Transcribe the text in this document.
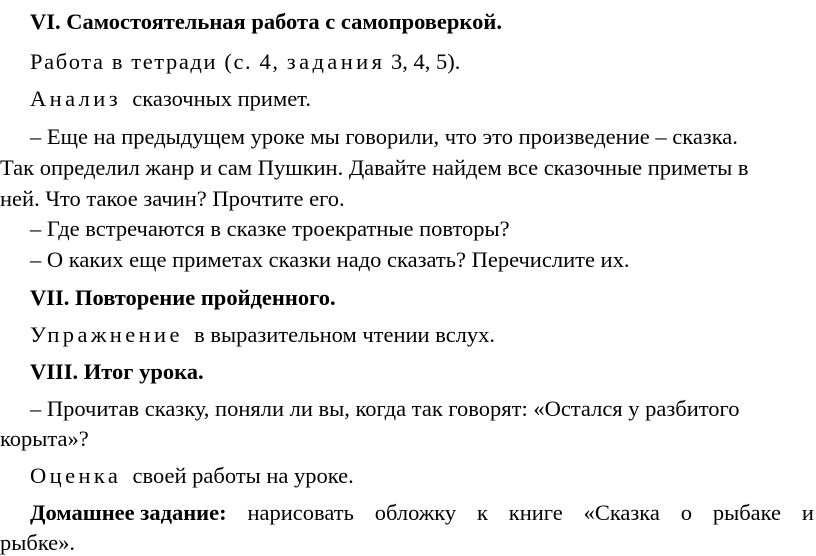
VI. Самостоятельная работа с самопроверкой.
Работа в тетради (с. 4, задания 3, 4, 5).
Анализ  сказочных примет.
– Еще на предыдущем уроке мы говорили, что это произведение – сказка.
Так определил жанр и сам Пушкин. Давайте найдем все сказочные приметы в
ней. Что такое зачин? Прочтите его.
– Где встречаются в сказке троекратные повторы?
– О каких еще приметах сказки надо сказать? Перечислите их.
VII. Повторение пройденного.
Упражнение  в выразительном чтении вслух.
VIII. Итог урока.
– Прочитав сказку, поняли ли вы, когда так говорят: «Остался у разбитого
корыта»?
Оценка  своей работы на уроке.
Домашнее задание: нарисовать обложку к книге «Сказка о рыбаке и
рыбке».
